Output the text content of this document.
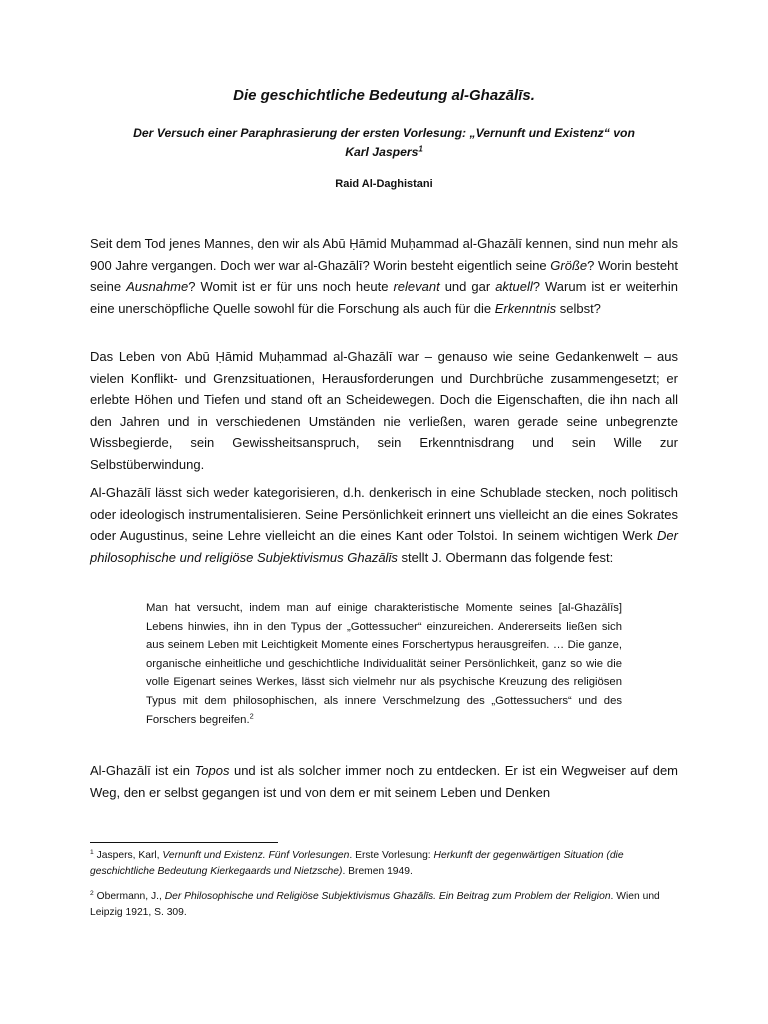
Die geschichtliche Bedeutung al-Ghazālīs.
Der Versuch einer Paraphrasierung der ersten Vorlesung: „Vernunft und Existenz“ von Karl Jaspers$^1$
Raid Al-Daghistani

Seit dem Tod jenes Mannes, den wir als Abū Ḥāmid Muḥammad al-Ghazālī kennen, sind nun mehr als 900 Jahre vergangen. Doch wer war al-Ghazālī? Worin besteht eigentlich seine Größe? Worin besteht seine Ausnahme? Womit ist er für uns noch heute relevant und gar aktuell? Warum ist er weiterhin eine unerschöpfliche Quelle sowohl für die Forschung als auch für die Erkenntnis selbst?

Das Leben von Abū Ḥāmid Muḥammad al-Ghazālī war – genauso wie seine Gedankenwelt – aus vielen Konflikt- und Grenzsituationen, Herausforderungen und Durchbrüche zusammengesetzt; er erlebte Höhen und Tiefen und stand oft an Scheidewegen. Doch die Eigenschaften, die ihn nach all den Jahren und in verschiedenen Umständen nie verließen, waren gerade seine unbegrenzte Wissbegierde, sein Gewissheitsanspruch, sein Erkenntnisdrang und sein Wille zur Selbstüberwindung.

Al-Ghazālī lässt sich weder kategorisieren, d.h. denkerisch in eine Schublade stecken, noch politisch oder ideologisch instrumentalisieren. Seine Persönlichkeit erinnert uns vielleicht an die eines Sokrates oder Augustinus, seine Lehre vielleicht an die eines Kant oder Tolstoi. In seinem wichtigen Werk Der philosophische und religiöse Subjektivismus Ghazālīs stellt J. Obermann das folgende fest:

Man hat versucht, indem man auf einige charakteristische Momente seines [al-Ghazālīs] Lebens hinwies, ihn in den Typus der „Gottessucher“ einzureichen. Andererseits ließen sich aus seinem Leben mit Leichtigkeit Momente eines Forschertypus herausgreifen. … Die ganze, organische einheitliche und geschichtliche Individualität seiner Persönlichkeit, ganz so wie die volle Eigenart seines Werkes, lässt sich vielmehr nur als psychische Kreuzung des religiösen Typus mit dem philosophischen, als innere Verschmelzung des „Gottessuchers“ und des Forschers begreifen.$^2$

Al-Ghazālī ist ein Topos und ist als solcher immer noch zu entdecken. Er ist ein Wegweiser auf dem Weg, den er selbst gegangen ist und von dem er mit seinem Leben und Denken

$^1$ Jaspers, Karl, Vernunft und Existenz. Fünf Vorlesungen. Erste Vorlesung: Herkunft der gegenwärtigen Situation (die geschichtliche Bedeutung Kierkegaards und Nietzsche). Bremen 1949.
$^2$ Obermann, J., Der Philosophische und Religiöse Subjektivismus Ghazālīs. Ein Beitrag zum Problem der Religion. Wien und Leipzig 1921, S. 309.
